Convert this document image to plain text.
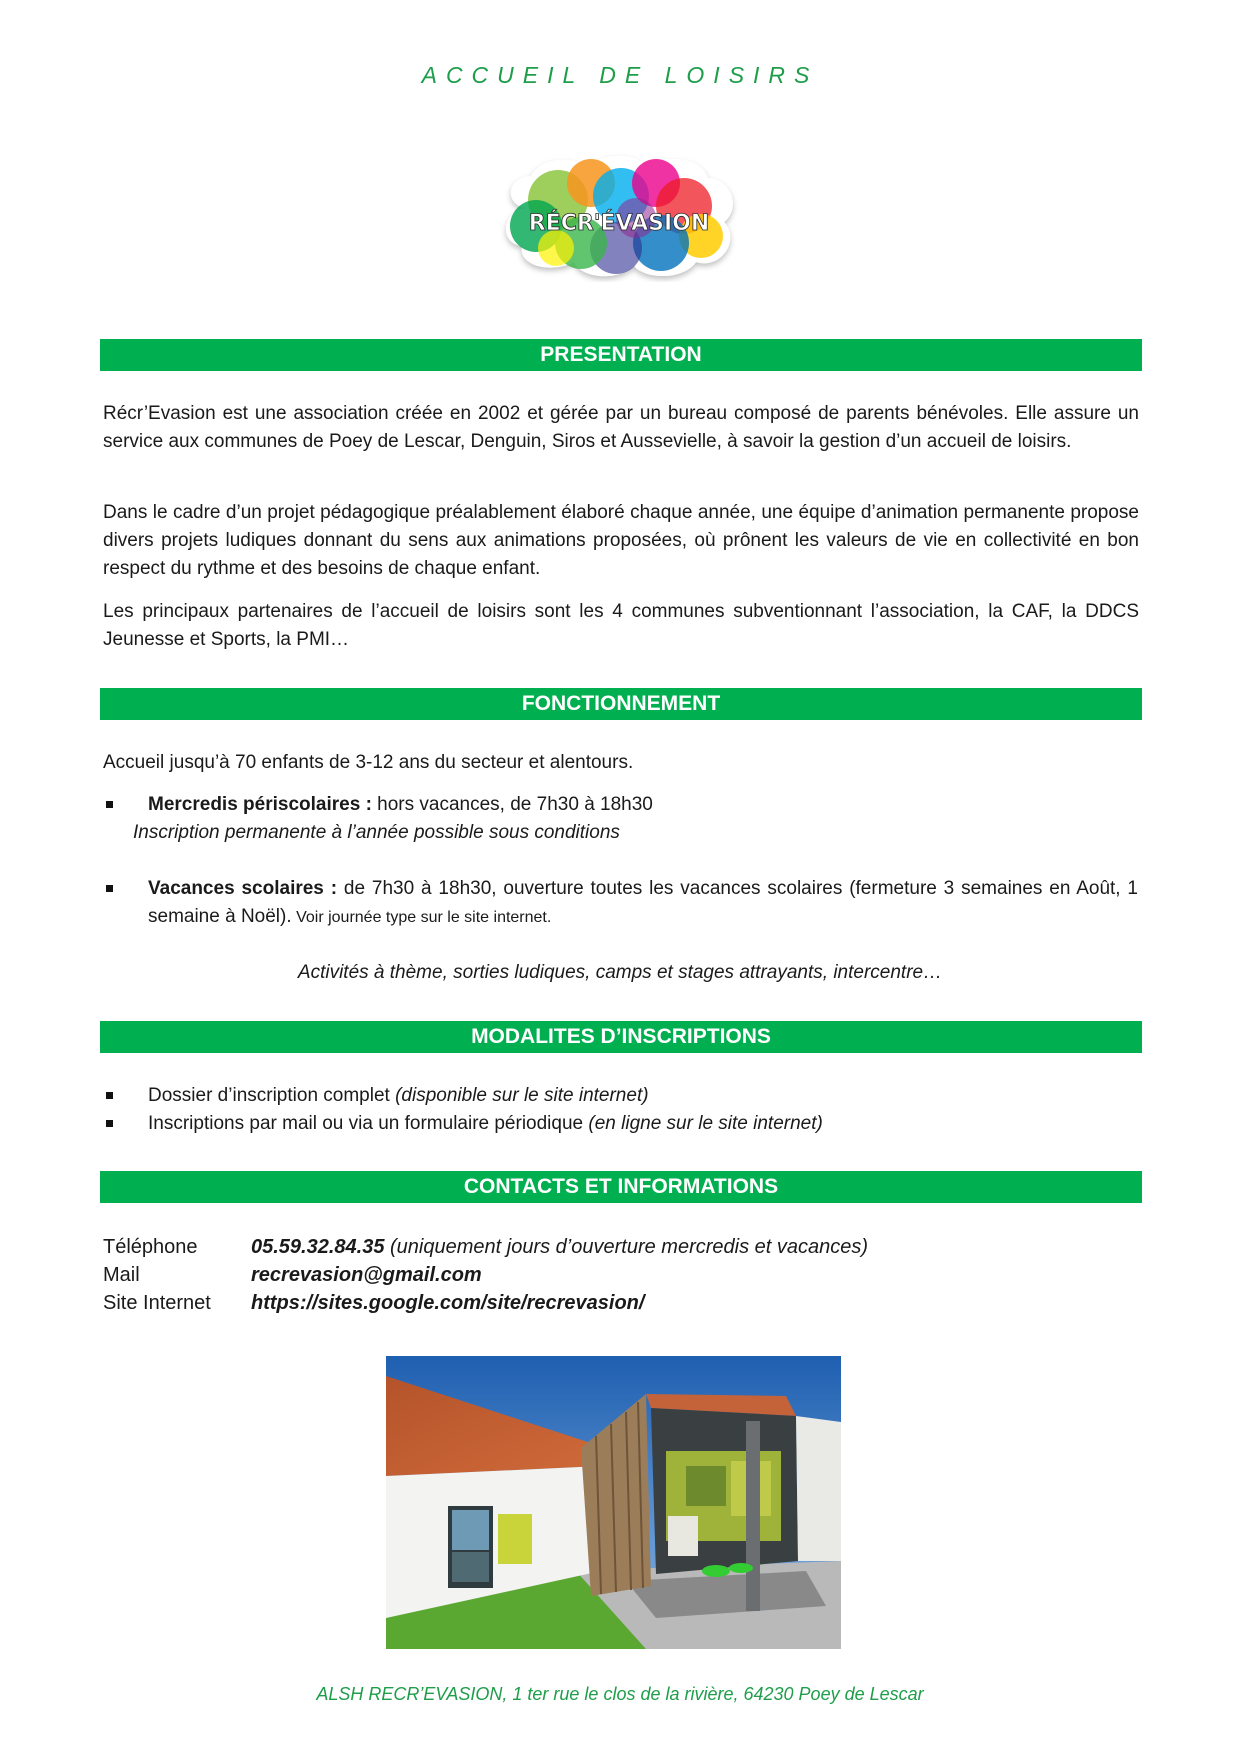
ACCUEIL DE LOISIRS
RÉCR'ÉVASION
PRESENTATION
Récr’Evasion est une association créée en 2002 et gérée par un bureau composé de parents bénévoles. Elle assure un service aux communes de Poey de Lescar, Denguin, Siros et Aussevielle, à savoir la gestion d’un accueil de loisirs.
Dans le cadre d’un projet pédagogique préalablement élaboré chaque année, une équipe d’animation permanente propose divers projets ludiques donnant du sens aux animations proposées, où prônent les valeurs de vie en collectivité en bon respect du rythme et des besoins de chaque enfant.
Les principaux partenaires de l’accueil de loisirs sont les 4 communes subventionnant l’association, la CAF, la DDCS Jeunesse et Sports, la PMI…
FONCTIONNEMENT
Accueil jusqu’à 70 enfants de 3-12 ans du secteur et alentours.
Mercredis périscolaires : hors vacances, de 7h30 à 18h30
Inscription permanente à l’année possible sous conditions
Vacances scolaires : de 7h30 à 18h30, ouverture toutes les vacances scolaires (fermeture 3 semaines en Août, 1 semaine à Noël). Voir journée type sur le site internet.
Activités à thème, sorties ludiques, camps et stages attrayants, intercentre…
MODALITES D’INSCRIPTIONS
Dossier d’inscription complet (disponible sur le site internet)
Inscriptions par mail ou via un formulaire périodique (en ligne sur le site internet)
CONTACTS ET INFORMATIONS
Téléphone	05.59.32.84.35 (uniquement jours d’ouverture mercredis et vacances)
Mail	recrevasion@gmail.com
Site Internet	https://sites.google.com/site/recrevasion/
ALSH RECR’EVASION, 1 ter rue le clos de la rivière, 64230 Poey de Lescar
